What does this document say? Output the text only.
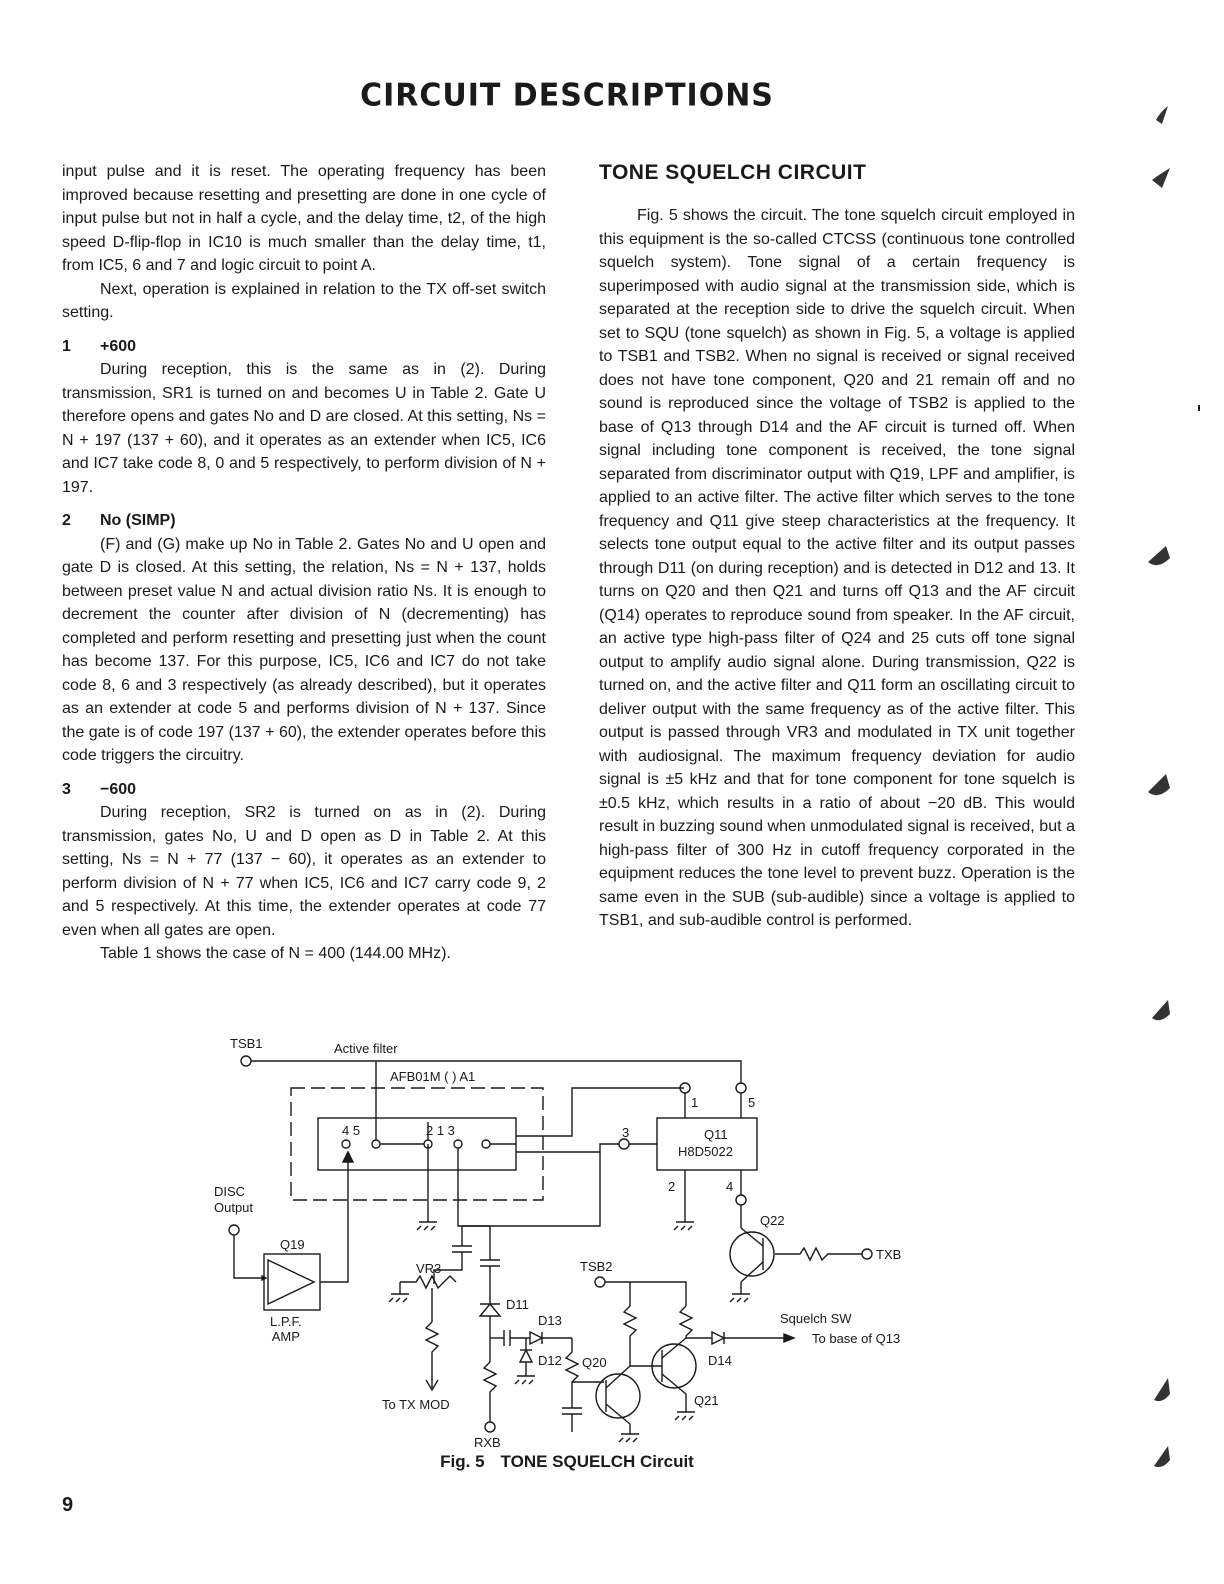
CIRCUIT DESCRIPTIONS

input pulse and it is reset. The operating frequency has been improved because resetting and presetting are done in one cycle of input pulse but not in half a cycle, and the delay time, t2, of the high speed D-flip-flop in IC10 is much smaller than the delay time, t1, from IC5, 6 and 7 and logic circuit to point A.

Next, operation is explained in relation to the TX off-set switch setting.

1 +600

During reception, this is the same as in (2). During transmission, SR1 is turned on and becomes U in Table 2. Gate U therefore opens and gates No and D are closed. At this setting, Ns = N + 197 (137 + 60), and it operates as an extender when IC5, IC6 and IC7 take code 8, 0 and 5 respectively, to perform division of N + 197.

2 No (SIMP)

(F) and (G) make up No in Table 2. Gates No and U open and gate D is closed. At this setting, the relation, Ns = N + 137, holds between preset value N and actual division ratio Ns. It is enough to decrement the counter after division of N (decrementing) has completed and perform resetting and presetting just when the count has become 137. For this purpose, IC5, IC6 and IC7 do not take code 8, 6 and 3 respectively (as already described), but it operates as an extender at code 5 and performs division of N + 137. Since the gate is of code 197 (137 + 60), the extender operates before this code triggers the circuitry.

3 −600

During reception, SR2 is turned on as in (2). During transmission, gates No, U and D open as D in Table 2. At this setting, Ns = N + 77 (137 − 60), it operates as an extender to perform division of N + 77 when IC5, IC6 and IC7 carry code 9, 2 and 5 respectively. At this time, the extender operates at code 77 even when all gates are open.

Table 1 shows the case of N = 400 (144.00 MHz).

TONE SQUELCH CIRCUIT

Fig. 5 shows the circuit. The tone squelch circuit employed in this equipment is the so-called CTCSS (continuous tone controlled squelch system). Tone signal of a certain frequency is superimposed with audio signal at the transmission side, which is separated at the reception side to drive the squelch circuit. When set to SQU (tone squelch) as shown in Fig. 5, a voltage is applied to TSB1 and TSB2. When no signal is received or signal received does not have tone component, Q20 and 21 remain off and no sound is reproduced since the voltage of TSB2 is applied to the base of Q13 through D14 and the AF circuit is turned off. When signal including tone component is received, the tone signal separated from discriminator output with Q19, LPF and amplifier, is applied to an active filter. The active filter which serves to the tone frequency and Q11 give steep characteristics at the frequency. It selects tone output equal to the active filter and its output passes through D11 (on during reception) and is detected in D12 and 13. It turns on Q20 and then Q21 and turns off Q13 and the AF circuit (Q14) operates to reproduce sound from speaker. In the AF circuit, an active type high-pass filter of Q24 and 25 cuts off tone signal output to amplify audio signal alone. During transmission, Q22 is turned on, and the active filter and Q11 form an oscillating circuit to deliver output with the same frequency as of the active filter. This output is passed through VR3 and modulated in TX unit together with audiosignal. The maximum frequency deviation for audio signal is ±5 kHz and that for tone component for tone squelch is ±0.5 kHz, which results in a ratio of about −20 dB. This would result in buzzing sound when unmodulated signal is received, but a high-pass filter of 300 Hz in cutoff frequency corporated in the equipment reduces the tone level to prevent buzz. Operation is the same even in the SUB (sub-audible) since a voltage is applied to TSB1, and sub-audible control is performed.

TSB1	Active filter
AFB01M ( ) A1
4 5	2 1 3
1	5
3	Q11
H8D5022
2	4
DISC
Output
Q19
L.P.F.
AMP
VR3	TSB2
D11
D13
D12 Q20
Q21
Q22
D14
TXB
Squelch SW
To base of Q13
To TX MOD
RXB
Fig. 5 TONE SQUELCH Circuit
9
